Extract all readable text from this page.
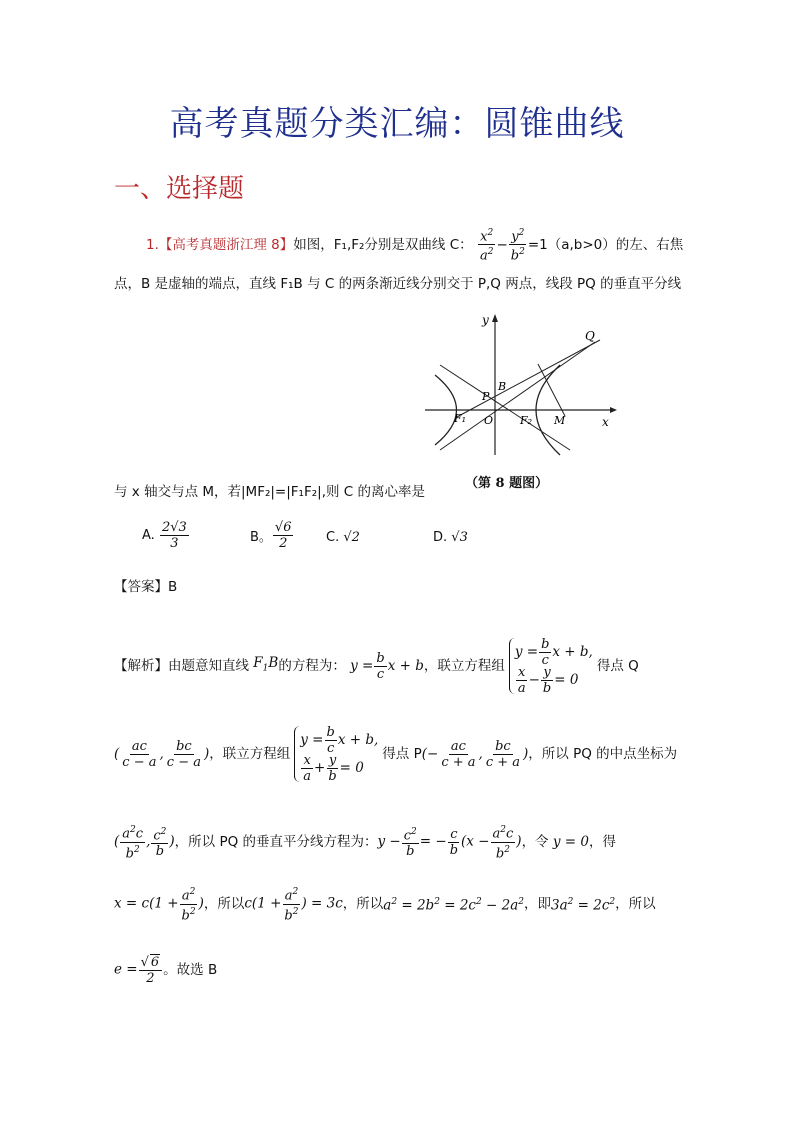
高考真题分类汇编：圆锥曲线
一、选择题
1.【高考真题浙江理 8】如图，F₁,F₂分别是双曲线 C： $\frac{x^2}{a^2} - \frac{y^2}{b^2} =1(a,b>0)$的左、右焦
点，B 是虚轴的端点，直线 F₁B 与 C 的两条渐近线分别交于 P,Q 两点，线段 PQ 的垂直平分线
y
x
Q
B
P
O
F₁	F₂ M
（第 8 题图）
与 x 轴交与点 M，若|MF₂|=|F₁F₂|,则 C 的离心率是
A.
$\frac{2√3}{3}$	B。 $\frac{√6}{2}$	C.
√2	D.
√3
【答案】B
【解析】 由题意知直线 $F_1B$ 的方程为： $y = \frac{b}{c}$ x + b ，联立方程组
$y = \frac{b}{c}$ x + b,
$\frac{x}{a} - \frac{y}{b} = 0$
得点 Q
( $\frac{ac}{c - a}$ , $\frac{bc}{c - a}$ ) ，联立方程组
$y = \frac{b}{c}$ x + b,
$\frac{x}{a} + \frac{y}{b} = 0$
得点 P (− $\frac{ac}{c + a}$ , $\frac{bc}{c + a}$ ) ，所以 PQ 的中点坐标为
( $\frac{a^2c}{b^2}$ , $\frac{c^2}{b}$ ) ，所以 PQ 的垂直平分线方程为： $y - \frac{c^2}{b}$ = − $\frac{c}{b} (x - \frac{a^2c}{b^2}$ ) ，令 y = 0 ，得
$x = c(1 + \frac{a^2}{b^2}$ ) ，所以 $c(1 + \frac{a^2}{b^2}$ ) = 3c ，所以 $a^2 = 2b^2 = 2c^2 - 2a^2$ ，即 $3a^2 = 2c^2$ ，所以
$e = \frac{√ 6}{2}$ 。故选 B
